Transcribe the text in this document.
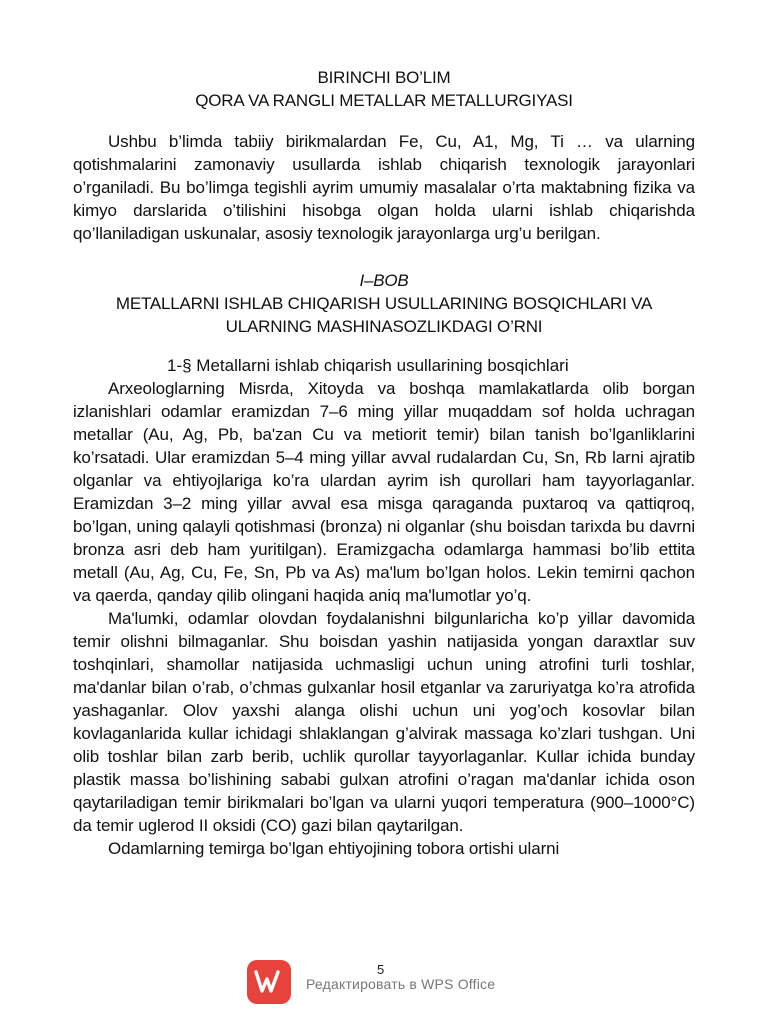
BIRINCHI BO’LIM

QORA VA RANGLI METALLAR METALLURGIYASI

Ushbu b’limda tabiiy birikmalardan Fe, Cu, A1, Mg, Ti … va ularning qotishmalarini zamonaviy usullarda ishlab chiqarish texnologik jarayonlari o’rganiladi. Bu bo’limga tegishli ayrim umumiy masalalar o’rta maktabning fizika va kimyo darslarida o’tilishini hisobga olgan holda ularni ishlab chiqarishda qo’llaniladigan uskunalar, asosiy texnologik jarayonlarga urg’u berilgan.

I–BOB

METALLARNI ISHLAB CHIQARISH USULLARINING BOSQICHLARI VA

ULARNING MASHINASOZLIKDAGI O’RNI

1-§ Metallarni ishlab chiqarish usullarining bosqichlari

Arxeologlarning Misrda, Xitoyda va boshqa mamlakatlarda olib borgan izlanishlari odamlar eramizdan 7–6 ming yillar muqaddam sof holda uchragan metallar (Au, Ag, Pb, ba'zan Cu va metiorit temir) bilan tanish bo’lganliklarini ko’rsatadi. Ular eramizdan 5–4 ming yillar avval rudalardan Cu, Sn, Rb larni ajratib olganlar va ehtiyojlariga ko’ra ulardan ayrim ish qurollari ham tayyorlaganlar. Eramizdan 3–2 ming yillar avval esa misga qaraganda puxtaroq va qattiqroq, bo’lgan, uning qalayli qotishmasi (bronza) ni olganlar (shu boisdan tarixda bu davrni bronza asri deb ham yuritilgan). Eramizgacha odamlarga hammasi bo’lib ettita metall (Au, Ag, Cu, Fe, Sn, Pb va As) ma'lum bo’lgan holos. Lekin temirni qachon va qaerda, qanday qilib olingani haqida aniq ma'lumotlar yo’q.

Ma'lumki, odamlar olovdan foydalanishni bilgunlaricha ko’p yillar davomida temir olishni bilmaganlar. Shu boisdan yashin natijasida yongan daraxtlar suv toshqinlari, shamollar natijasida uchmasligi uchun uning atrofini turli toshlar, ma'danlar bilan o’rab, o’chmas gulxanlar hosil etganlar va zaruriyatga ko’ra atrofida yashaganlar. Olov yaxshi alanga olishi uchun uni yog’och kosovlar bilan kovlaganlarida kullar ichidagi shlaklangan g’alvirak massaga ko’zlari tushgan. Uni olib toshlar bilan zarb berib, uchlik qurollar tayyorlaganlar. Kullar ichida bunday plastik massa bo’lishining sababi gulxan atrofini o’ragan ma'danlar ichida oson qaytariladigan temir birikmalari bo’lgan va ularni yuqori temperatura (900–1000°C) da temir uglerod II oksidi (CO) gazi bilan qaytarilgan.

Odamlarning temirga bo’lgan ehtiyojining tobora ortishi ularni

5
Редактировать в WPS Office
